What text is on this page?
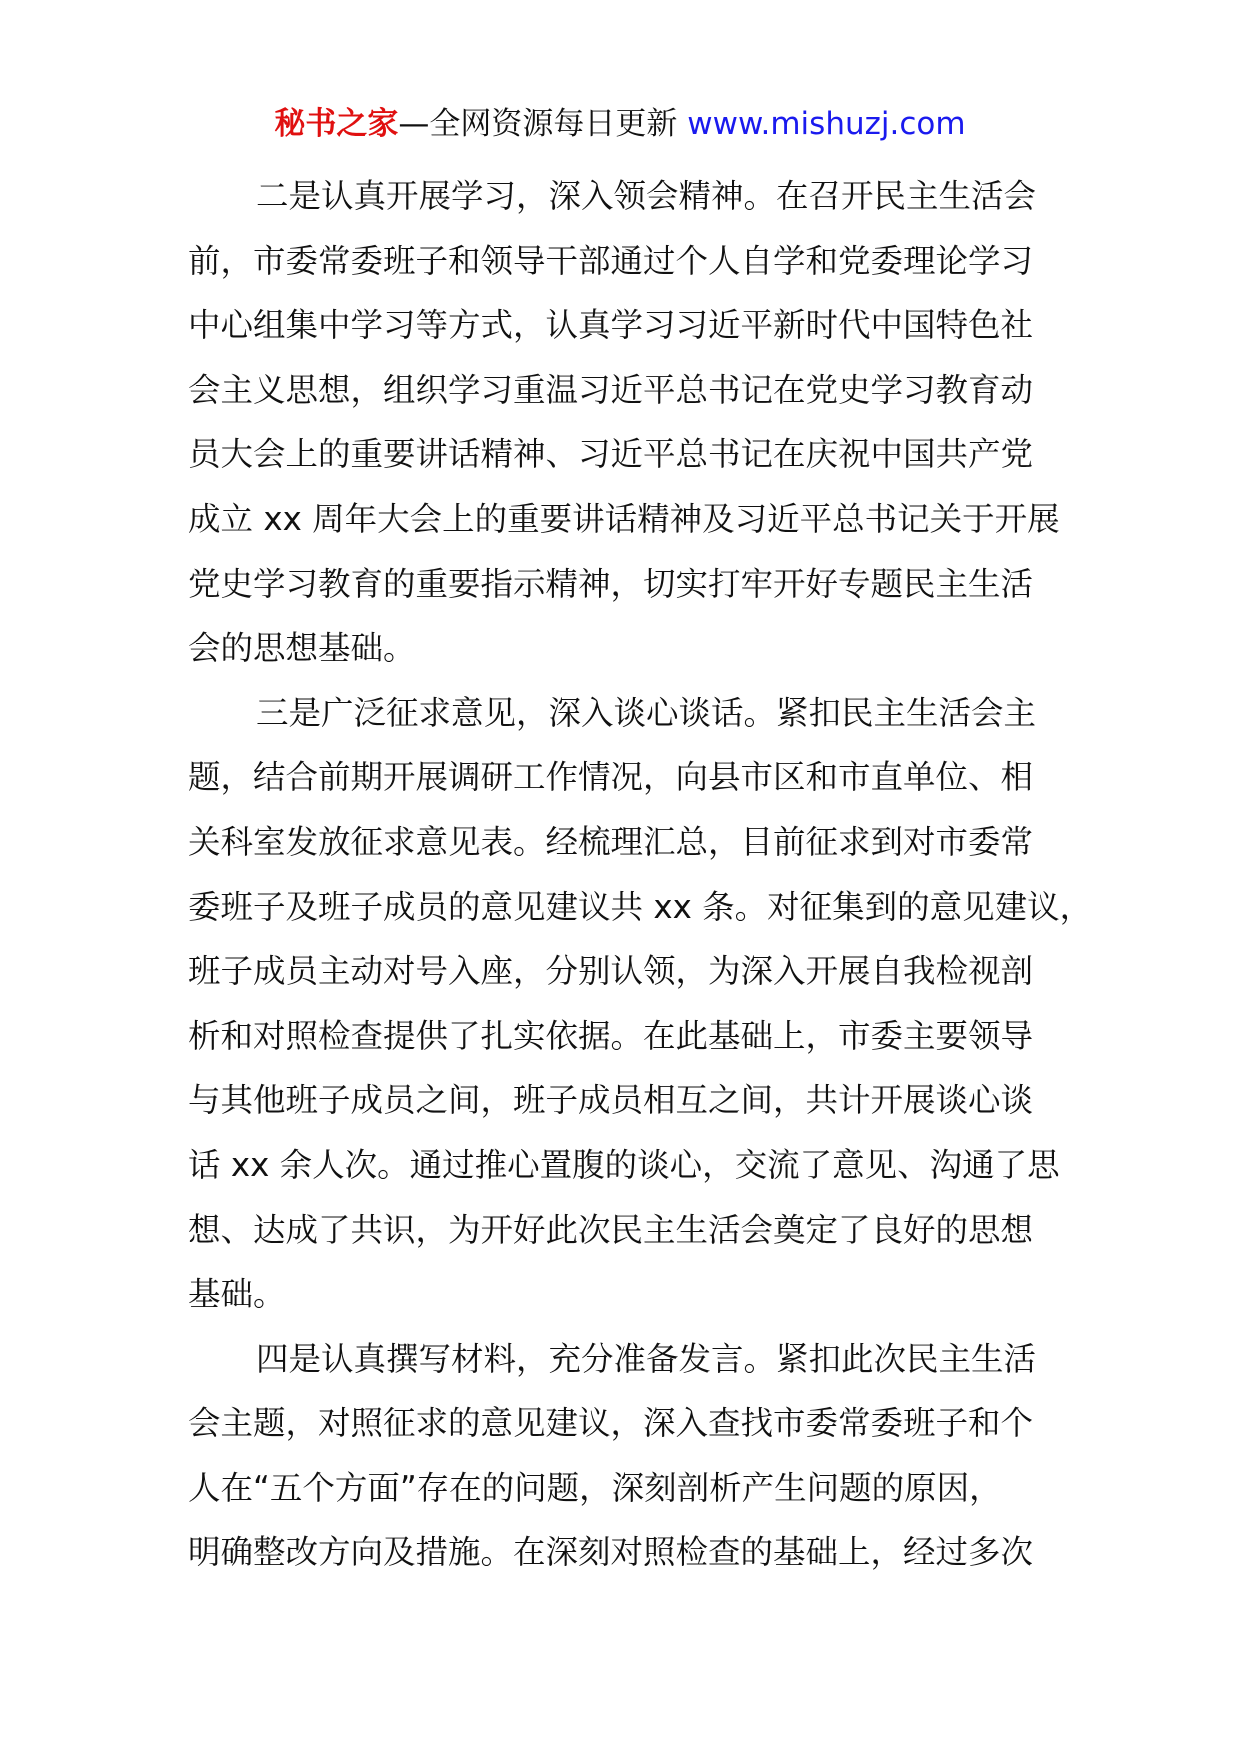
秘书之家—全网资源每日更新 www.mishuzj.com
二是认真开展学习，深入领会精神。在召开民主生活会
前，市委常委班子和领导干部通过个人自学和党委理论学习
中心组集中学习等方式，认真学习习近平新时代中国特色社
会主义思想，组织学习重温习近平总书记在党史学习教育动
员大会上的重要讲话精神、习近平总书记在庆祝中国共产党
成立 xx 周年大会上的重要讲话精神及习近平总书记关于开展
党史学习教育的重要指示精神，切实打牢开好专题民主生活
会的思想基础。
三是广泛征求意见，深入谈心谈话。紧扣民主生活会主
题，结合前期开展调研工作情况，向县市区和市直单位、相
关科室发放征求意见表。经梳理汇总，目前征求到对市委常
委班子及班子成员的意见建议共 xx 条。对征集到的意见建议，
班子成员主动对号入座，分别认领，为深入开展自我检视剖
析和对照检查提供了扎实依据。在此基础上，市委主要领导
与其他班子成员之间，班子成员相互之间，共计开展谈心谈
话 xx 余人次。通过推心置腹的谈心，交流了意见、沟通了思
想、达成了共识，为开好此次民主生活会奠定了良好的思想
基础。
四是认真撰写材料，充分准备发言。紧扣此次民主生活
会主题，对照征求的意见建议，深入查找市委常委班子和个
人在“五个方面”存在的问题，深刻剖析产生问题的原因，
明确整改方向及措施。在深刻对照检查的基础上，经过多次
